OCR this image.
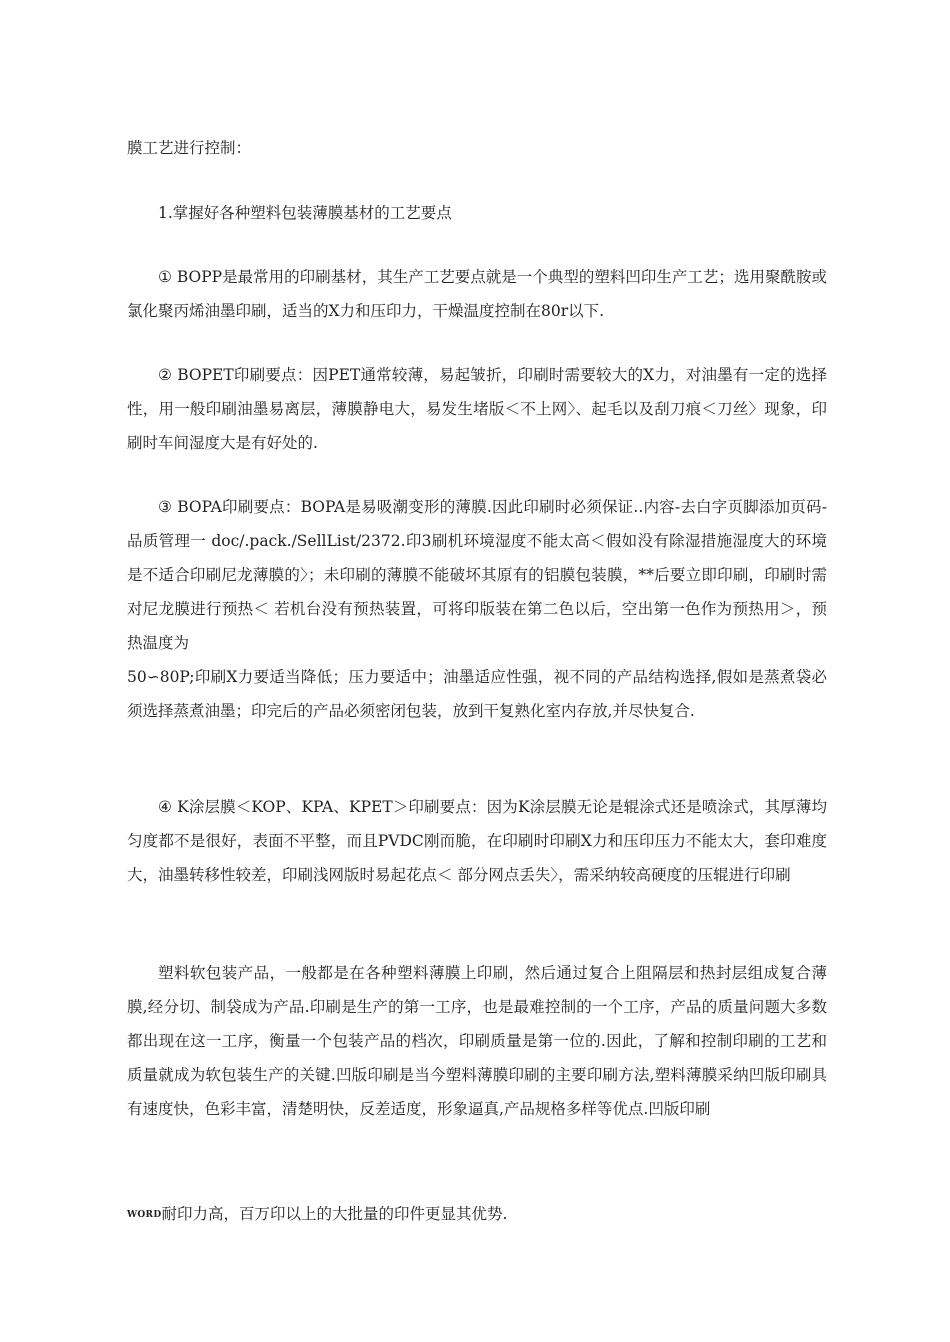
膜工艺进行控制：

1.掌握好各种塑料包装薄膜基材的工艺要点

① BOPP是最常用的印刷基材，其生产工艺要点就是一个典型的塑料凹印生产工艺；选用聚酰胺或氯化聚丙烯油墨印刷，适当的X力和压印力，干燥温度控制在80r以下.

② BOPET印刷要点：因PET通常较薄，易起皱折，印刷时需要较大的X力，对油墨有一定的选择性，用一般印刷油墨易离层，薄膜静电大，易发生堵版＜不上网〉、起毛以及刮刀痕＜刀丝〉现象，印刷时车间湿度大是有好处的.

③ BOPA印刷要点：BOPA是易吸潮变形的薄膜.因此印刷时必须保证..内容-去白字页脚添加页码-品质管理一 doc/.pack./SellList/2372.印3刷机环境湿度不能太高＜假如没有除湿措施湿度大的环境是不适合印刷尼龙薄膜的〉；未印刷的薄膜不能破坏其原有的铝膜包装膜，**后要立即印刷，印刷时需对尼龙膜进行预热＜ 若机台没有预热装置，可将印版装在第二色以后，空出第一色作为预热用＞，预热温度为
50∽80P;印刷X力要适当降低；压力要适中；油墨适应性强，视不同的产品结构选择,假如是蒸煮袋必须选择蒸煮油墨；印完后的产品必须密闭包装，放到干复熟化室内存放,并尽快复合.

④ K涂层膜＜KOP、KPA、KPET＞印刷要点：因为K涂层膜无论是辊涂式还是喷涂式，其厚薄均匀度都不是很好，表面不平整，而且PVDC刚而脆，在印刷时印刷X力和压印压力不能太大，套印难度大，油墨转移性较差，印刷浅网版时易起花点＜ 部分网点丢失〉，需采纳较高硬度的压辊进行印刷

塑料软包装产品，一般都是在各种塑料薄膜上印刷，然后通过复合上阻隔层和热封层组成复合薄膜,经分切、制袋成为产品.印刷是生产的第一工序，也是最难控制的一个工序，产品的质量问题大多数都出现在这一工序，衡量一个包装产品的档次，印刷质量是第一位的.因此，了解和控制印刷的工艺和质量就成为软包装生产的关键.凹版印刷是当今塑料薄膜印刷的主要印刷方法,塑料薄膜采纳凹版印刷具有速度快，色彩丰富，清楚明快，反差适度，形象逼真,产品规格多样等优点.凹版印刷

WORD耐印力高，百万印以上的大批量的印件更显其优势.
